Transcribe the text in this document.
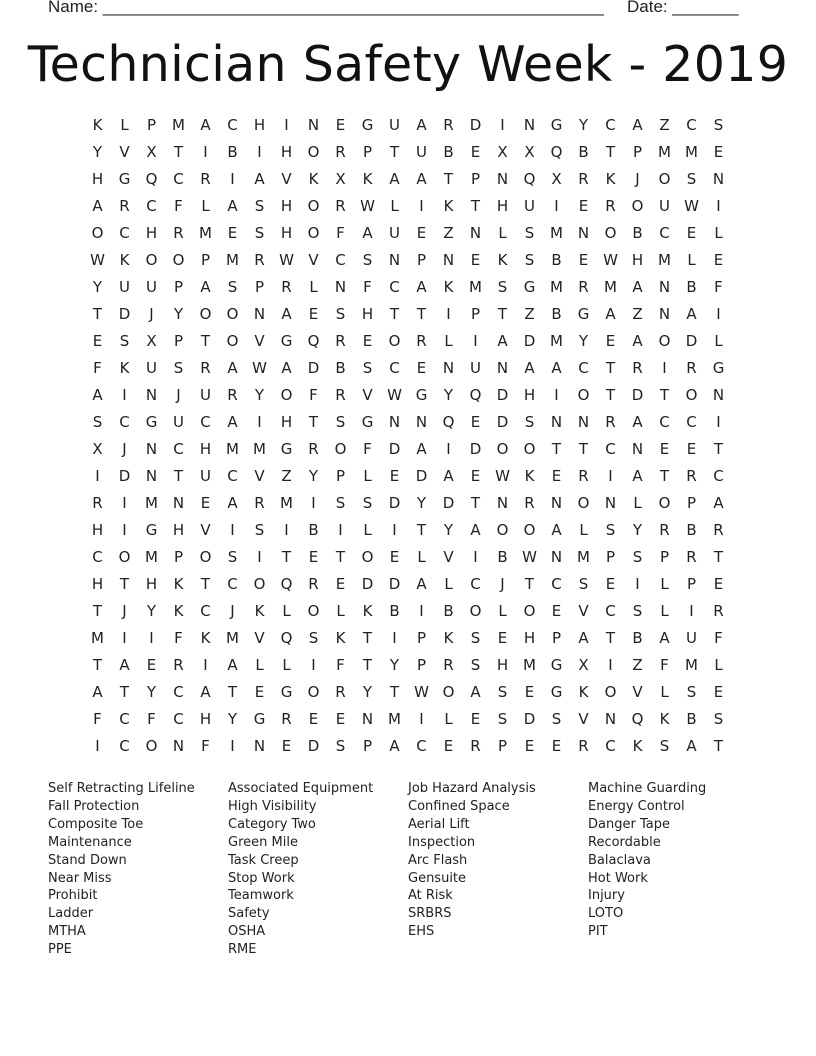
Name: _____________________________________________________ Date: _______
Technician Safety Week - 2019
K	L	P	M	A	C	H	I	N	E	G	U	A	R	D	I	N	G	Y	C	A	Z	C	S
Y	V	X	T	I	B	I	H	O	R	P	T	U	B	E	X	X	Q	B	T	P	M M	E
H	G	Q	C	R	I	A	V	K	X	K	A	A	T	P	N	Q	X	R	K	J	O	S	N
A	R	C	F	L	A	S	H	O	R W	L	I	K	T	H	U	I	E	R	O	U W	I
O	C	H	R	M	E	S	H	O	F	A	U	E	Z	N	L	S	M N	O	B	C	E	L
W K	O	O	P	M	R W V	C	S	N	P	N	E	K	S	B	E W H M	L	E
Y	U	U	P	A	S	P	R	L	N	F	C	A	K	M	S	G M	R	M	A	N	B	F
T	D	J	Y	O	O	N	A	E	S	H	T	T	I	P	T	Z	B	G	A	Z	N	A	I
E	S	X	P	T	O	V	G	Q	R	E	O	R	L	I	A	D M	Y	E	A	O	D	L
F	K	U	S	R	A W A	D	B	S	C	E	N	U	N	A	A	C	T	R	I	R	G
A	I	N	J	U	R	Y	O	F	R	V W G	Y	Q	D	H	I	O	T	D	T	O	N
S	C	G	U	C	A	I	H	T	S	G	N	N	Q	E	D	S	N	N	R	A	C	C	I
X	J	N	C	H M M G	R	O	F	D	A	I	D	O	O	T	T	C	N	E	E	T
I	D	N	T	U	C	V	Z	Y	P	L	E	D	A	E W K	E	R	I	A	T	R	C
R	I	M N	E	A	R	M	I	S	S	D	Y	D	T	N	R	N	O	N	L	O	P	A
H	I	G	H	V	I	S	I	B	I	L	I	T	Y	A	O	O	A	L	S	Y	R	B	R
C	O M	P	O	S	I	T	E	T	O	E	L	V	I	B W N M	P	S	P	R	T
H	T	H	K	T	C	O	Q	R	E	D	D	A	L	C	J	T	C	S	E	I	L	P	E
T	J	Y	K	C	J	K	L	O	L	K	B	I	B	O	L	O	E	V	C	S	L	I	R
M	I	I	F	K	M	V	Q	S	K	T	I	P	K	S	E	H	P	A	T	B	A	U	F
T	A	E	R	I	A	L	L	I	F	T	Y	P	R	S	H M G	X	I	Z	F	M	L
A	T	Y	C	A	T	E	G	O	R	Y	T	W O	A	S	E	G	K	O	V	L	S	E
F	C	F	C	H	Y	G	R	E	E	N M	I	L	E	S	D	S	V	N	Q	K	B	S
I	C	O	N	F	I	N	E	D	S	P	A	C	E	R	P	E	E	R	C	K	S	A	T
Self Retracting Lifeline
Fall Protection
Composite Toe
Maintenance
Stand Down
Near Miss
Prohibit
Ladder
MTHA
PPE
Associated Equipment
High Visibility
Category Two
Green Mile
Task Creep
Stop Work
Teamwork
Safety
OSHA
RME
Job Hazard Analysis
Confined Space
Aerial Lift
Inspection
Arc Flash
Gensuite
At Risk
SRBRS
EHS
Machine Guarding
Energy Control
Danger Tape
Recordable
Balaclava
Hot Work
Injury
LOTO
PIT
